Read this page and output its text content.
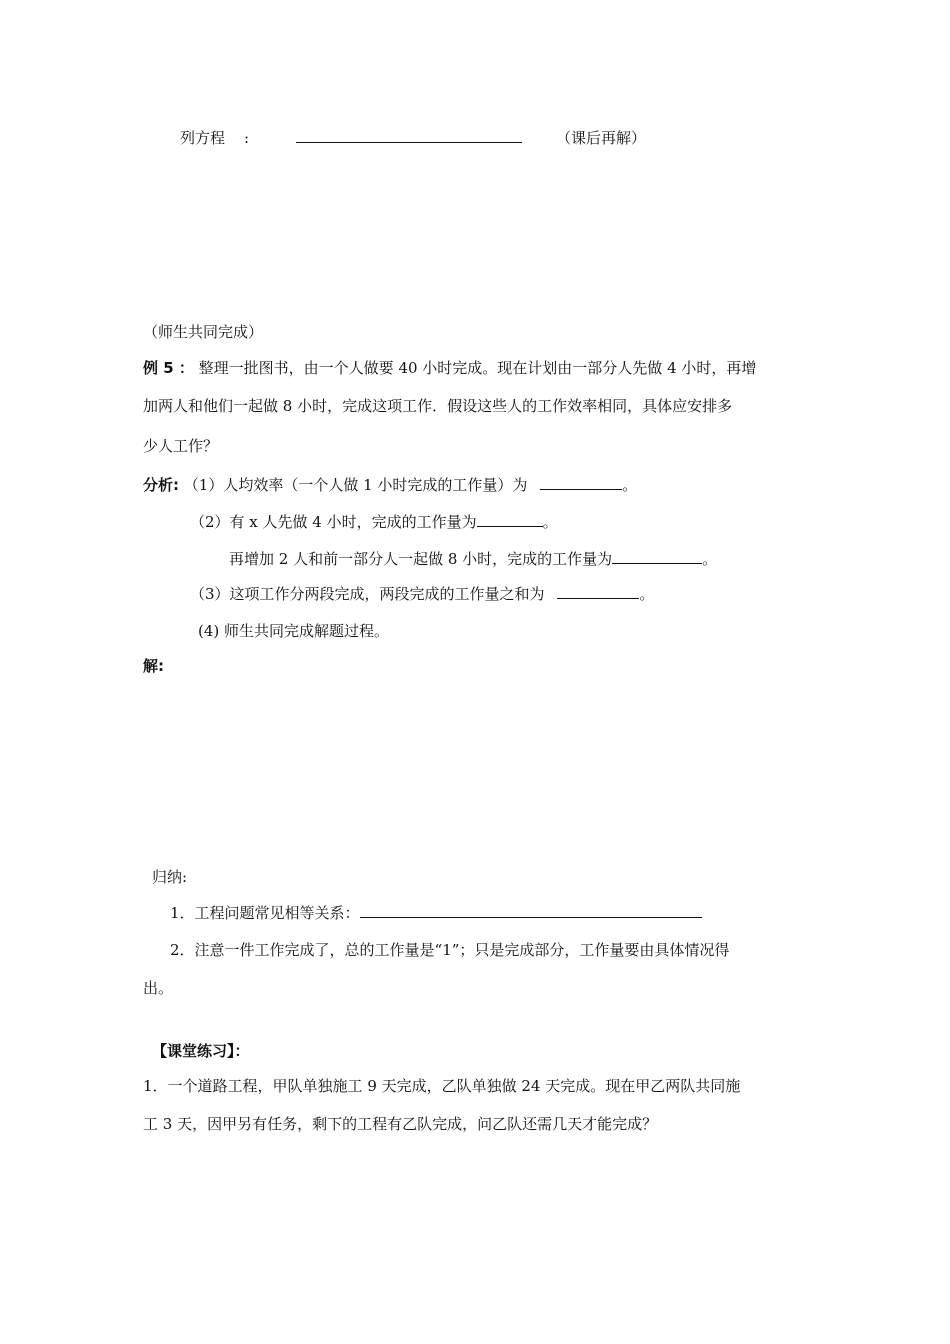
列方程 :	（课后再解）
（师生共同完成）
例 5 ： 整理一批图书，由一个人做要 40 小时完成。现在计划由一部分人先做 4 小时，再增
加两人和他们一起做 8 小时，完成这项工作．假设这些人的工作效率相同，具体应安排多
少人工作？
分析: （1）人均效率（一个人做 1 小时完成的工作量）为	。
（2）有 x 人先做 4 小时，完成的工作量为	。
再增加 2 人和前一部分人一起做 8 小时，完成的工作量为	。
（3）这项工作分两段完成，两段完成的工作量之和为	。
(4) 师生共同完成解题过程。
解:
归纳:
1．工程问题常见相等关系：
2．注意一件工作完成了，总的工作量是“1”；只是完成部分，工作量要由具体情况得
出。
【课堂练习】：
1．一个道路工程，甲队单独施工 9 天完成，乙队单独做 24 天完成。现在甲乙两队共同施
工 3 天，因甲另有任务，剩下的工程有乙队完成，问乙队还需几天才能完成？
